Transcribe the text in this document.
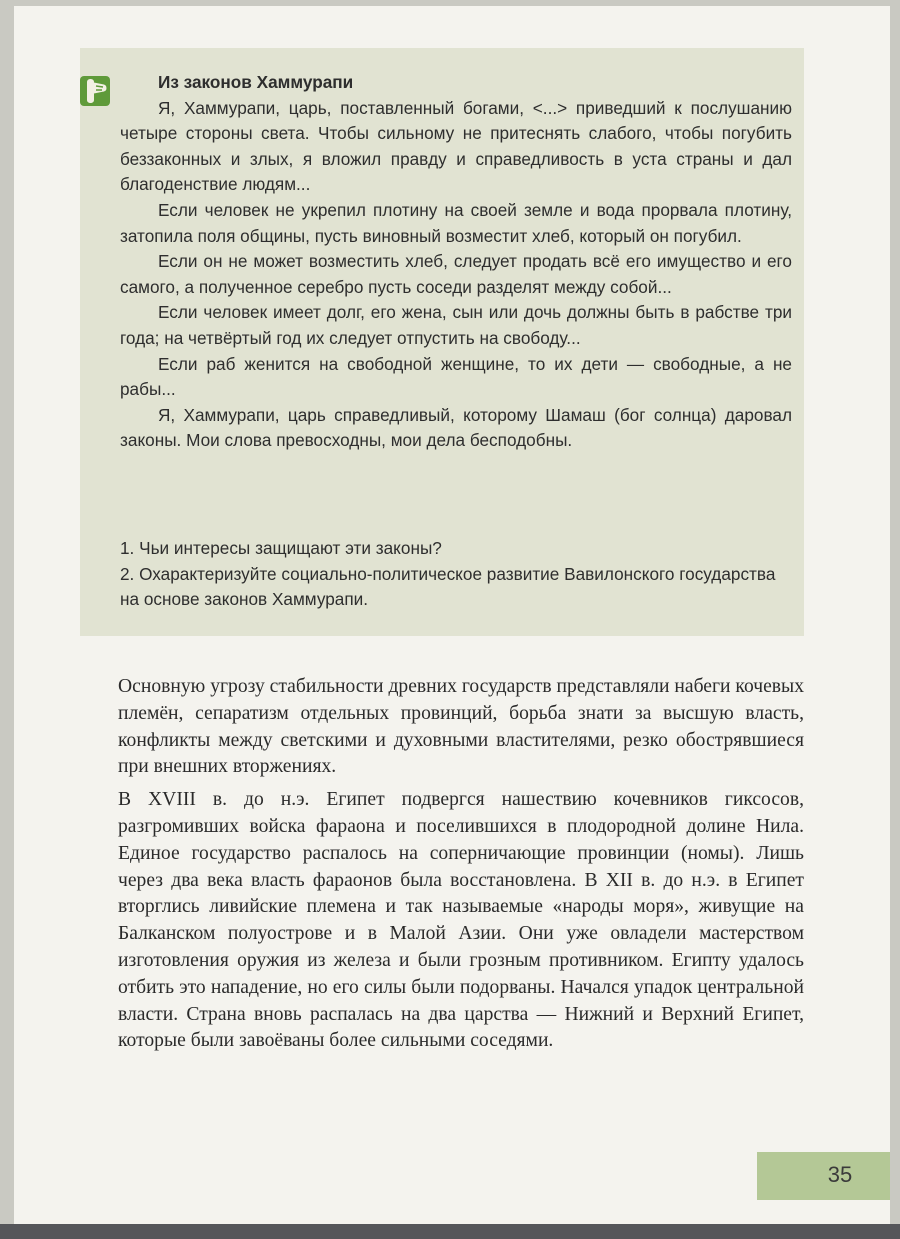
Из законов Хаммурапи

Я, Хаммурапи, царь, поставленный богами, <...> приведший к послушанию четыре стороны света. Чтобы сильному не притеснять слабого, чтобы погубить беззаконных и злых, я вложил правду и справедливость в уста страны и дал благоденствие людям...

Если человек не укрепил плотину на своей земле и вода прорвала плотину, затопила поля общины, пусть виновный возместит хлеб, который он погубил.

Если он не может возместить хлеб, следует продать всё его имущество и его самого, а полученное серебро пусть соседи разделят между собой...

Если человек имеет долг, его жена, сын или дочь должны быть в рабстве три года; на четвёртый год их следует отпустить на свободу...

Если раб женится на свободной женщине, то их дети — свободные, а не рабы...

Я, Хаммурапи, царь справедливый, которому Шамаш (бог солнца) даровал законы. Мои слова превосходны, мои дела бесподобны.

1. Чьи интересы защищают эти законы?

2. Охарактеризуйте социально-политическое развитие Вавилонского государства на основе законов Хаммурапи.

Основную угрозу стабильности древних государств представляли набеги кочевых племён, сепаратизм отдельных провинций, борьба знати за высшую власть, конфликты между светскими и духовными властителями, резко обострявшиеся при внешних вторжениях.

В XVIII в. до н.э. Египет подвергся нашествию кочевников гиксосов, разгромивших войска фараона и поселившихся в плодородной долине Нила. Единое государство распалось на соперничающие провинции (номы). Лишь через два века власть фараонов была восстановлена. В XII в. до н.э. в Египет вторглись ливийские племена и так называемые «народы моря», живущие на Балканском полуострове и в Малой Азии. Они уже овладели мастерством изготовления оружия из железа и были грозным противником. Египту удалось отбить это нападение, но его силы были подорваны. Начался упадок центральной власти. Страна вновь распалась на два царства — Нижний и Верхний Египет, которые были завоёваны более сильными соседями.

35
